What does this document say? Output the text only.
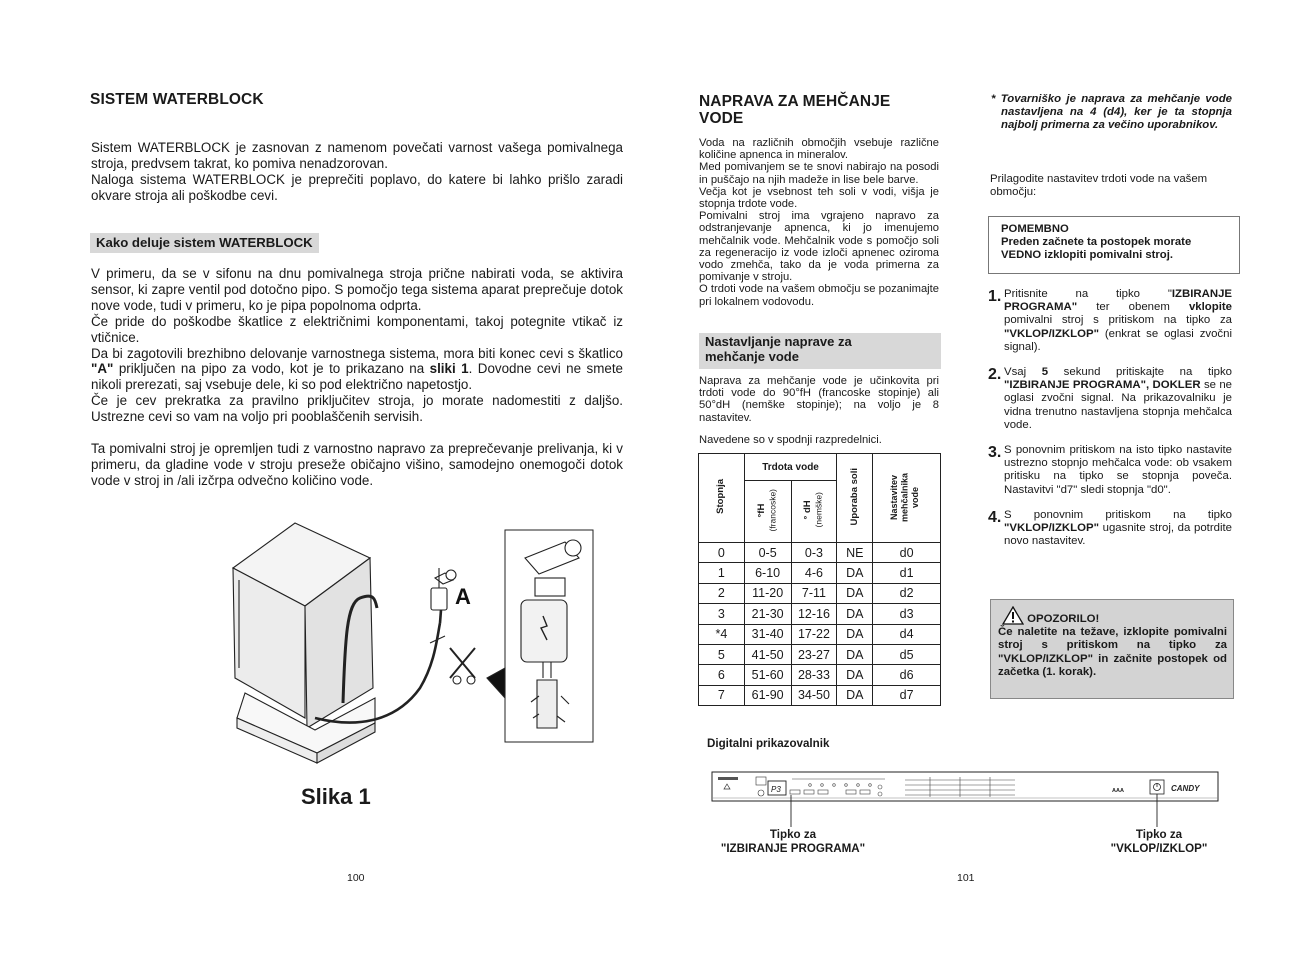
SISTEM WATERBLOCK

Sistem WATERBLOCK je zasnovan z namenom povečati varnost vašega pomivalnega stroja, predvsem takrat, ko pomiva nenadzorovan.

Naloga sistema WATERBLOCK je preprečiti poplavo, do katere bi lahko prišlo zaradi okvare stroja ali poškodbe cevi.

Kako deluje sistem WATERBLOCK

V primeru, da se v sifonu na dnu pomivalnega stroja prične nabirati voda, se aktivira sensor, ki zapre ventil pod dotočno pipo. S pomočjo tega sistema aparat preprečuje dotok nove vode, tudi v primeru, ko je pipa popolnoma odprta.

Če pride do poškodbe škatlice z električnimi komponentami, takoj potegnite vtikač iz vtičnice.

Da bi zagotovili brezhibno delovanje varnostnega sistema, mora biti konec cevi s škatlico "A" priključen na pipo za vodo, kot je to prikazano na sliki 1. Dovodne cevi ne smete nikoli prerezati, saj vsebuje dele, ki so pod električno napetostjo.

Če je cev prekratka za pravilno priključitev stroja, jo morate nadomestiti z daljšo. Ustrezne cevi so vam na voljo pri pooblaščenih servisih.

Ta pomivalni stroj je opremljen tudi z varnostno napravo za preprečevanje prelivanja, ki v primeru, da gladine vode v stroju preseže običajno višino, samodejno onemogoči dotok vode v stroj in /ali izčrpa odvečno količino vode.

A
Slika 1
100
NAPRAVA ZA MEHČANJE
VODE

Voda na različnih območjih vsebuje različne količine apnenca in mineralov.

Med pomivanjem se te snovi nabirajo na posodi in puščajo na njih madeže in lise bele barve.

Večja kot je vsebnost teh soli v vodi, višja je stopnja trdote vode.

Pomivalni stroj ima vgrajeno napravo za odstranjevanje apnenca, ki jo imenujemo mehčalnik vode. Mehčalnik vode s pomočjo soli za regeneracijo iz vode izloči apnenec oziroma vodo zmehča, tako da je voda primerna za pomivanje v stroju.

O trdoti vode na vašem območju se pozanimajte pri lokalnem vodovodu.

Nastavljanje naprave za
mehčanje vode

Naprava za mehčanje vode je učinkovita pri trdoti vode do 90°fH (francoske stopinje) ali 50°dH (nemške stopinje); na voljo je 8 nastavitev.

Navedene so v spodnji razpredelnici.

Stopnja	Trdota vode		Uporaba soli	Nastavitev mehčalnika vode
	°fH
(francoske)	° dH
(nemške)		
0	0-5	0-3	NE	d0
1	6-10	4-6	DA	d1
2	11-20	7-11	DA	d2
3	21-30	12-16	DA	d3
*4	31-40	17-22	DA	d4
5	41-50	23-27	DA	d5
6	51-60	28-33	DA	d6
7	61-90	34-50	DA	d7

* Tovarniško je naprava za mehčanje vode nastavljena na 4 (d4), ker je ta stopnja najbolj primerna za večino uporabnikov.

Prilagodite nastavitev trdoti vode na vašem območju:

POMEMBNO
Preden začnete ta postopek morate VEDNO izklopiti pomivalni stroj.
1. Pritisnite na tipko "IZBIRANJE PROGRAMA" ter obenem vklopite pomivalni stroj s pritiskom na tipko za "VKLOP/IZKLOP" (enkrat se oglasi zvočni signal).

2. Vsaj 5 sekund pritiskajte na tipko "IZBIRANJE PROGRAMA", DOKLER se ne oglasi zvočni signal. Na prikazovalniku je vidna trenutno nastavljena stopnja mehčalca vode.

3. S ponovnim pritiskom na isto tipko nastavite ustrezno stopnjo mehčalca vode: ob vsakem pritisku na tipko se stopnja poveča. Nastavitvi "d7" sledi stopnja "d0".

4. S ponovnim pritiskom na tipko "VKLOP/IZKLOP" ugasnite stroj, da potrdite novo nastavitev.

OPOZORILO!
Če naletite na težave, izklopite pomivalni stroj s pritiskom na tipko za "VKLOP/IZKLOP" in začnite postopek od začetka (1. korak).
101
Digitalni prikazovalnik
P3	AAA	CANDY
Tipko za
"IZBIRANJE PROGRAMA"
Tipko za
"VKLOP/IZKLOP"
